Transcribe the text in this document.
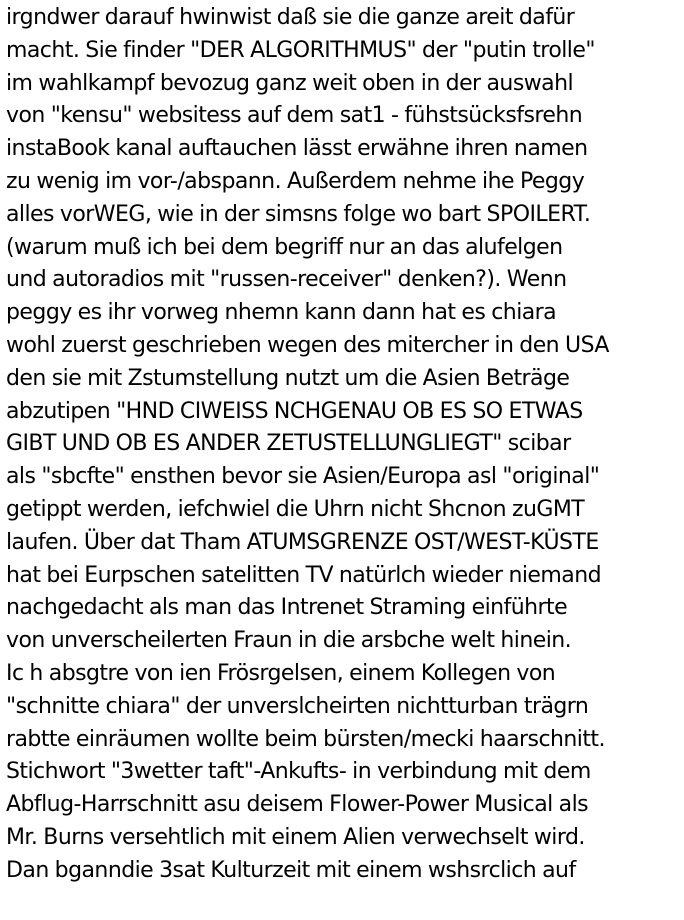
irgndwer darauf hwinwist daß sie die ganze areit dafür
macht. Sie finder "DER ALGORITHMUS" der "putin trolle"
im wahlkampf bevozug ganz weit oben in der auswahl
von "kensu" websitess auf dem sat1 - fühstsücksfsrehn
instaBook kanal auftauchen lässt erwähne ihren namen
zu wenig im vor-/abspann. Außerdem nehme ihe Peggy
alles vorWEG, wie in der simsns folge wo bart SPOILERT.
(warum muß ich bei dem begriff nur an das alufelgen
und autoradios mit "russen-receiver" denken?). Wenn
peggy es ihr vorweg nhemn kann dann hat es chiara
wohl zuerst geschrieben wegen des mitercher in den USA
den sie mit Zstumstellung nutzt um die Asien Beträge
abzutipen "HND CIWEISS NCHGENAU OB ES SO ETWAS
GIBT UND OB ES ANDER ZETUSTELLUNGLIEGT" scibar
als "sbcfte" ensthen bevor sie Asien/Europa asl "original"
getippt werden, iefchwiel die Uhrn nicht Shcnon zuGMT
laufen. Über dat Tham ATUMSGRENZE OST/WEST-KÜSTE
hat bei Eurpschen satelitten TV natürlch wieder niemand
nachgedacht als man das Intrenet Straming einführte
von unverscheilerten Fraun in die arsbche welt hinein.
Ic h absgtre von ien Frösrgelsen, einem Kollegen von
"schnitte chiara" der unverslcheirten nichtturban trägrn
rabtte einräumen wollte beim bürsten/mecki haarschnitt.
Stichwort "3wetter taft"-Ankufts- in verbindung mit dem
Abflug-Harrschnitt asu deisem Flower-Power Musical als
Mr. Burns versehtlich mit einem Alien verwechselt wird.
Dan bganndie 3sat Kulturzeit mit einem wshsrclich auf
